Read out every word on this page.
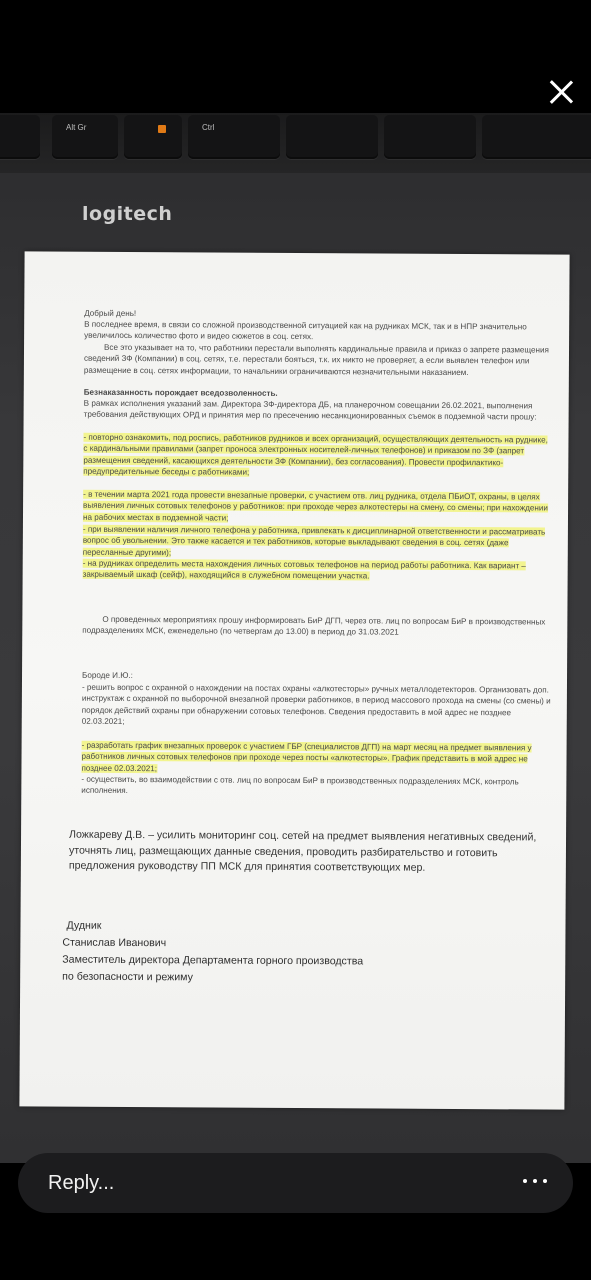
Alt Gr	Ctrl
logitech
Добрый день!
В последнее время, в связи со сложной производственной ситуацией как на рудниках МСК, так и в НПР значительно увеличилось количество фото и видео сюжетов в соц. сетях.
Все это указывает на то, что работники перестали выполнять кардинальные правила и приказ о запрете размещения сведений ЗФ (Компании) в соц. сетях, т.е. перестали бояться, т.к. их никто не проверяет, а если выявлен телефон или размещение в соц. сетях информации, то начальники ограничиваются незначительными наказанием.
Безнаказанность порождает вседозволенность.
В рамках исполнения указаний зам. Директора ЗФ-директора ДБ, на планерочном совещании 26.02.2021, выполнения требования действующих ОРД и принятия мер по пресечению несанкционированных съемок в подземной части прошу:
- повторно ознакомить, под роспись, работников рудников и всех организаций, осуществляющих деятельность на руднике, с кардинальными правилами (запрет проноса электронных носителей-личных телефонов) и приказом по ЗФ (запрет размещения сведений, касающихся деятельности ЗФ (Компании), без согласования). Провести профилактико-предупредительные беседы с работниками;
- в течении марта 2021 года провести внезапные проверки, с участием отв. лиц рудника, отдела ПБиОТ, охраны, в целях выявления личных сотовых телефонов у работников: при проходе через алкотестеры на смену, со смены; при нахождении на рабочих местах в подземной части;
- при выявлении наличия личного телефона у работника, привлекать к дисциплинарной ответственности и рассматривать вопрос об увольнении. Это также касается и тех работников, которые выкладывают сведения в соц. сетях (даже пересланные другими);
- на рудниках определить места нахождения личных сотовых телефонов на период работы работника. Как вариант – закрываемый шкаф (сейф), находящийся в служебном помещении участка.
О проведенных мероприятиях прошу информировать БиР ДГП, через отв. лиц по вопросам БиР в производственных подразделениях МСК, еженедельно (по четвергам до 13.00) в период до 31.03.2021
Бороде И.Ю.:
- решить вопрос с охранной о нахождении на постах охраны «алкотесторы» ручных металлодетекторов. Организовать доп. инструктаж с охранной по выборочной внезапной проверки работников, в период массового прохода на смены (со смены) и порядок действий охраны при обнаружении сотовых телефонов. Сведения предоставить в мой адрес не позднее 02.03.2021;
- разработать график внезапных проверок с участием ГБР (специалистов ДГП) на март месяц на предмет выявления у работников личных сотовых телефонов при проходе через посты «алкотесторы». График представить в мой адрес не позднее 02.03.2021;
- осуществить, во взаимодействии с отв. лиц по вопросам БиР в производственных подразделениях МСК, контроль исполнения.
Ложкареву Д.В. – усилить мониторинг соц. сетей на предмет выявления негативных сведений, уточнять лиц, размещающих данные сведения, проводить разбирательство и готовить предложения руководству ПП МСК для принятия соответствующих мер.
Дудник
Станислав Иванович
Заместитель директора Департамента горного производства
по безопасности и режиму
Reply...
